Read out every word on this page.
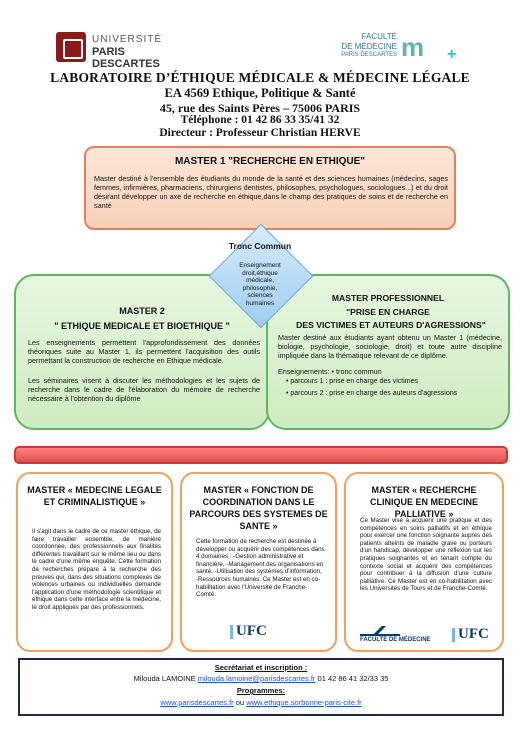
UNIVERSITÉ
PARIS DESCARTES
FACULTÉ
DE MÉDECINE
PARIS DESCARTES m +
LABORATOIRE D’ÉTHIQUE MÉDICALE & MÉDECINE LÉGALE
EA 4569 Ethique, Politique & Santé
45, rue des Saints Pères – 75006 PARIS
Téléphone : 01 42 86 33 35/41 32
Directeur : Professeur Christian HERVE
MASTER 1 "RECHERCHE EN ETHIQUE"
Master destiné à l'ensemble des étudiants du monde de la santé et des sciences humaines (médecins, sages femmes, infirmières, pharmaciens, chirurgiens dentistes, philosophes, psychologues, sociologues...) et du droit désirant développer un axe de recherche en éthique,dans le champ des pratiques de soins et de recherche en santé
MASTER 2
" ETHIQUE MEDICALE ET BIOETHIQUE "
Les enseignements permettent l'approfondissement des données théoriques suite au Master 1, ils permettent l'acquisition des outils permettant la construction de recherche en Ethique médicale.
Les séminaires visent à discuter les méthodologies et les sujets de recherche dans le cadre de l'élaboration du mémoire de recherche nécessaire à l'obtention du diplôme
MASTER PROFESSIONNEL
"PRISE EN CHARGE
DES VICTIMES ET AUTEURS D'AGRESSIONS"
Master destiné aux étudiants ayant obtenu un Master 1 (médecine, biologie, psychologie, sociologie, droit) et toute autre discipline impliquée dans la thématique relevant de ce diplôme.
Enseignements: • tronc commun
• parcours 1 : prise en charge des victimes
• parcours 2 : prise en charge des auteurs d'agressions
Tronc Commun
Enseignement droit,éthique médicale, philosophie, sciences humaines
MASTER « MEDECINE LEGALE ET CRIMINALISTIQUE »
Il s'agit dans le cadre de ce master éthique, de faire travailler ensemble, de manière coordonnée, des professionnels aux finalités différentes travaillant sur le même lieu ou dans le cadre d'une même enquête. Cette formation de recherches prépare à la recherche des preuves qui, dans des situations complexes de violences urbaines ou individuelles demande l'application d'une méthodologie scientifique et éthique dans cette interface entre la médecine, le droit appliqués par des professionnels.
MASTER « FONCTION DE COORDINATION DANS LE PARCOURS DES SYSTEMES DE SANTE »
Cette formation de recherche est destinée à développer ou acquérir des compétences dans 4 domaines : -Gestion administrative et financière, -Management des organisations en santé, -Utilisation des systèmes d'information, -Ressources humaines. Ce Master est en co-habilitation avec l'Université de Franche-Comté.
UFC
MASTER « RECHERCHE CLINIQUE EN MEDECINE PALLIATIVE »
Ce Master vise à acquérir une pratique et des compétences en soins palliatifs et en éthique pour exercer une fonction soignante auprès des patients atteints de maladie grave ou porteurs d'un handicap, développer une réflexion sur les pratiques soignantes et en tenant compte du contexte social et acquérir des compétences pour contribuer à la diffusion d'une culture palliative. Ce Master est en co-habilitation avec les Universités de Tours et de Franche-Comté.
FACULTÉ DE MÉDECINE UFC
Secrétariat et inscription :
Milouda LAMOINE milouda.lamoine@parisdescartes.fr 01 42 86 41 32/33 35
Programmes:
www.parisdescartes.fr ou www.ethique.sorbonne-paris-cite.fr
